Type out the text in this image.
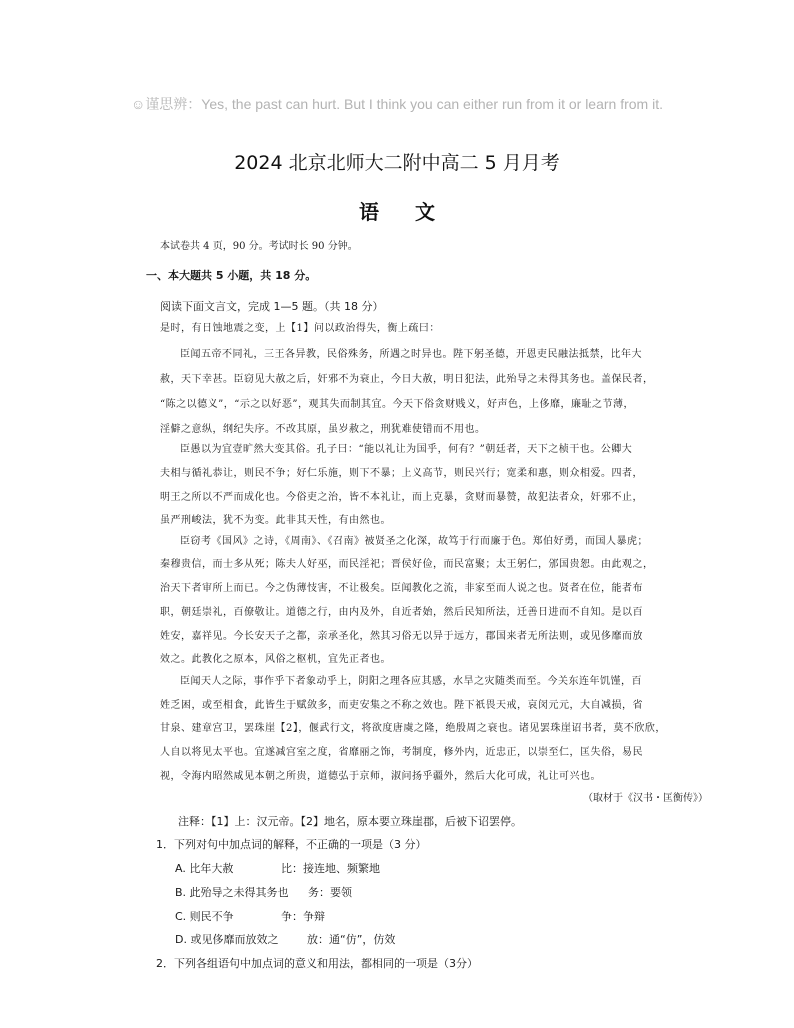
☺谨思辨：Yes, the past can hurt. But I think you can either run from it or learn from it.
2024 北京北师大二附中高二 5 月月考
语文
本试卷共 4 页，90 分。考试时长 90 分钟。
一、本大题共 5 小题，共 18 分。
阅读下面文言文，完成 1—5 题。（共 18 分）
是时，有日蚀地震之变，上【1】问以政治得失，衡上疏曰：
臣闻五帝不同礼，三王各异教，民俗殊务，所遇之时异也。陛下躬圣德，开恩吏民融法抵禁，比年大
赦，天下幸甚。臣窃见大赦之后，奸邪不为衰止，今日大赦，明日犯法，此殆导之未得其务也。盖保民者，
“陈之以德义”，“示之以好恶”，观其失而制其宜。今天下俗贪财贱义，好声色，上侈靡，廉耻之节薄，
淫僻之意纵，纲纪失序。不改其原，虽岁赦之，刑犹难使错而不用也。
臣愚以为宜壹旷然大变其俗。孔子曰：“能以礼让为国乎，何有？”朝廷者，天下之桢干也。公卿大
夫相与循礼恭让，则民不争；好仁乐施，则下不暴；上义高节，则民兴行；宽柔和惠，则众相爱。四者，
明王之所以不严而成化也。今俗吏之治，皆不本礼让，而上克暴，贪财而暴赞，故犯法者众，奸邪不止，
虽严刑峻法，犹不为变。此非其天性，有由然也。
臣窃考《国风》之诗，《周南》、《召南》被贤圣之化深，故笃于行而廉于色。郑伯好勇，而国人暴虎；
秦穆贵信，而士多从死；陈夫人好巫，而民淫祀；晋侯好俭，而民富聚；太王躬仁，邠国贵恕。由此观之，
治天下者审所上而已。今之伪薄忮害，不让极矣。臣闻教化之流，非家至而人说之也。贤者在位，能者布
职，朝廷崇礼，百僚敬让。道德之行，由内及外，自近者始，然后民知所法，迁善日进而不自知。是以百
姓安，嘉祥见。今长安天子之都，亲承圣化，然其习俗无以异于远方，郡国来者无所法则，或见侈靡而放
效之。此教化之原本，风俗之枢机，宜先正者也。
臣闻天人之际，事作乎下者象动乎上，阴阳之理各应其感，水旱之灾随类而至。今关东连年饥馑，百
姓乏困，或至相食，此皆生于赋敛多，而吏安集之不称之效也。陛下祇畏天戒，哀闵元元，大自减损，省
甘泉、建章宫卫，罢珠崖【2】，偃武行文，将欲度唐虞之隆，绝殷周之衰也。诸见罢珠崖诏书者，莫不欣欣，
人自以将见太平也。宜遂减宫室之度，省靡丽之饰，考制度，修外内，近忠正，以崇至仁，匡失俗，易民
视，令海内昭然咸见本朝之所贵，道德弘于京师，淑问扬乎疆外，然后大化可成，礼让可兴也。
（取材于《汉书・匡衡传》）
注释：【1】上：汉元帝。【2】地名，原本要立珠崖郡，后被下诏罢停。
1．下列对句中加点词的解释，不正确的一项是（3 分）
A. 比年大赦	比：接连地、频繁地
B. 此殆导之未得其务也 务：要领
C. 则民不争	争：争辩
D. 或见侈靡而放效之	放：通“仿”，仿效
2．下列各组语句中加点词的意义和用法，都相同的一项是（3分）
